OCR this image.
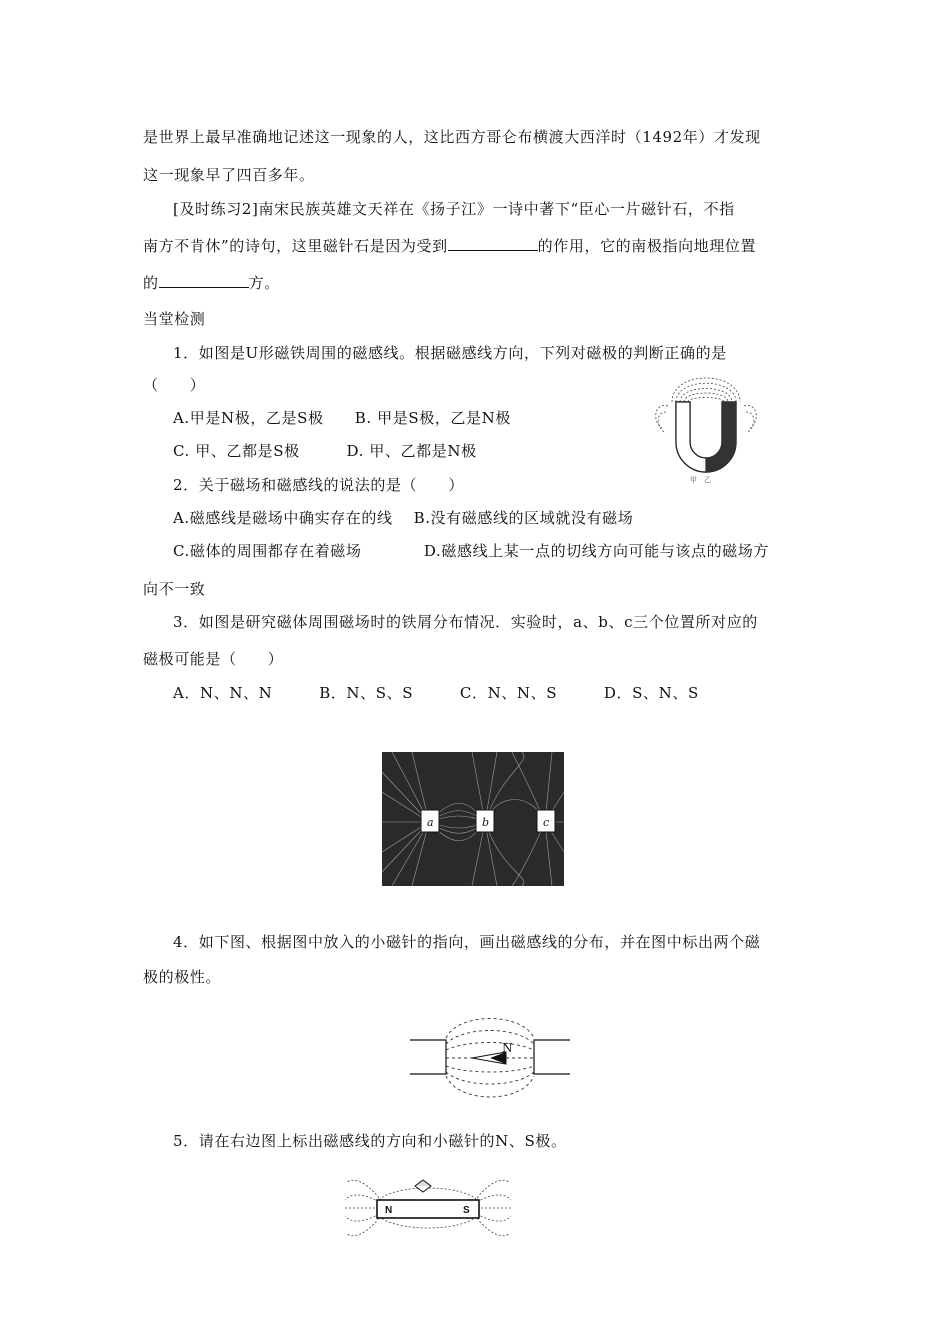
是世界上最早准确地记述这一现象的人，这比西方哥仑布横渡大西洋时（1492年）才发现
这一现象早了四百多年。
[及时练习2]南宋民族英雄文天祥在《扬子江》一诗中著下“臣心一片磁针石，不指
南方不肯休”的诗句，这里磁针石是因为受到	的作用，它的南极指向地理位置
的	方。
当堂检测
1．如图是U形磁铁周围的磁感线。根据磁感线方向，下列对磁极的判断正确的是
（　　）
A.甲是N极，乙是S极　　B. 甲是S极，乙是N极
C. 甲、乙都是S极　　　D. 甲、乙都是N极
甲　乙
2．关于磁场和磁感线的说法的是（　　）
A.磁感线是磁场中确实存在的线　 B.没有磁感线的区域就没有磁场
C.磁体的周围都存在着磁场　　　　D.磁感线上某一点的切线方向可能与该点的磁场方
向不一致
3．如图是研究磁体周围磁场时的铁屑分布情况．实验时，a、b、c三个位置所对应的
磁极可能是（　　）
A．N、N、N　　　B．N、S、S　　　C．N、N、S　　　D．S、N、S
a	b	c
4．如下图、根据图中放入的小磁针的指向，画出磁感线的分布，并在图中标出两个磁
极的极性。
N
5．请在右边图上标出磁感线的方向和小磁针的N、S极。
N	S
